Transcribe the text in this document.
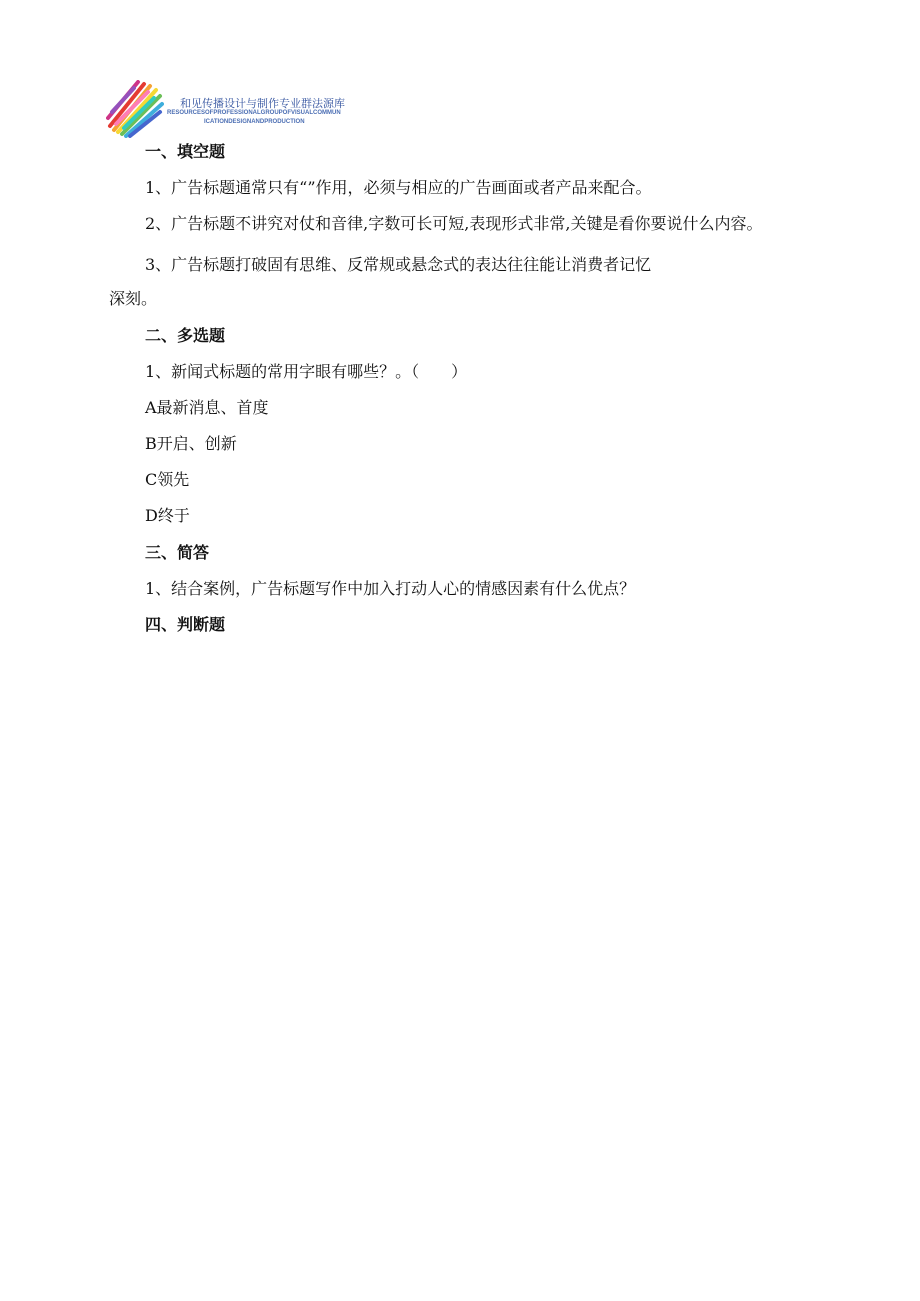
和见传播设计与制作专业群法源库
RESOURCESOFPROFESSIONALGROUPOFVISUALCOMMUN
ICATIONDESIGNANDPRODUCTION

一、填空题

1、广告标题通常只有“”作用，必须与相应的广告画面或者产品来配合。

2、广告标题不讲究对仗和音律,字数可长可短,表现形式非常,关键是看你要说什么内容。

3、广告标题打破固有思维、反常规或悬念式的表达往往能让消费者记忆

深刻。

二、多选题

1、新闻式标题的常用字眼有哪些？。（　　）

A最新消息、首度

B开启、创新

C领先

D终于

三、简答

1、结合案例，广告标题写作中加入打动人心的情感因素有什么优点？

四、判断题
